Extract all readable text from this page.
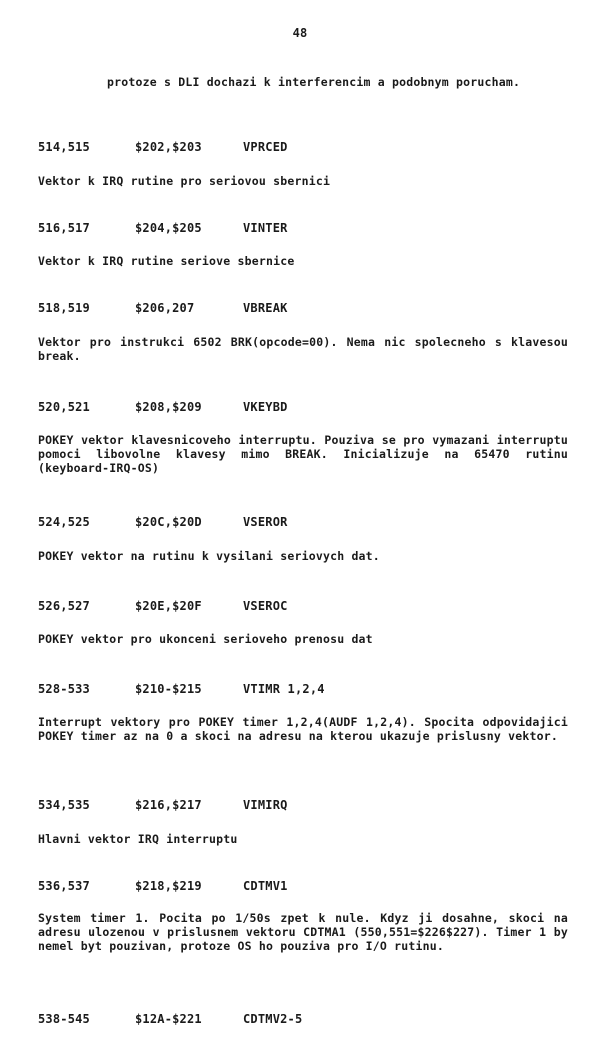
48
protoze s DLI dochazi k interferencim a podobnym porucham.
514,515	$202,$203	VPRCED
Vektor k IRQ rutine pro seriovou sbernici
516,517	$204,$205	VINTER
Vektor k IRQ rutine seriove sbernice
518,519	$206,207	VBREAK
Vektor pro instrukci 6502 BRK(opcode=00). Nema nic spolecneho s klavesou break.
520,521	$208,$209	VKEYBD
POKEY vektor klavesnicoveho interruptu. Pouziva se pro vymazani interruptu pomoci libovolne klavesy mimo BREAK. Inicializuje na 65470 rutinu (keyboard-IRQ-OS)
524,525	$20C,$20D	VSEROR
POKEY vektor na rutinu k vysilani seriovych dat.
526,527	$20E,$20F	VSEROC
POKEY vektor pro ukonceni serioveho prenosu dat
528-533	$210-$215	VTIMR 1,2,4
Interrupt vektory pro POKEY timer 1,2,4(AUDF 1,2,4). Spocita odpovidajici POKEY timer az na 0 a skoci na adresu na kterou ukazuje prislusny vektor.
534,535	$216,$217	VIMIRQ
Hlavni vektor IRQ interruptu
536,537	$218,$219	CDTMV1
System timer 1. Pocita po 1/50s zpet k nule. Kdyz ji dosahne, skoci na adresu ulozenou v prislusnem vektoru CDTMA1 (550,551=$226$227). Timer 1 by nemel byt pouzivan, protoze OS ho pouziva pro I/O rutinu.
538-545	$12A-$221	CDTMV2-5
